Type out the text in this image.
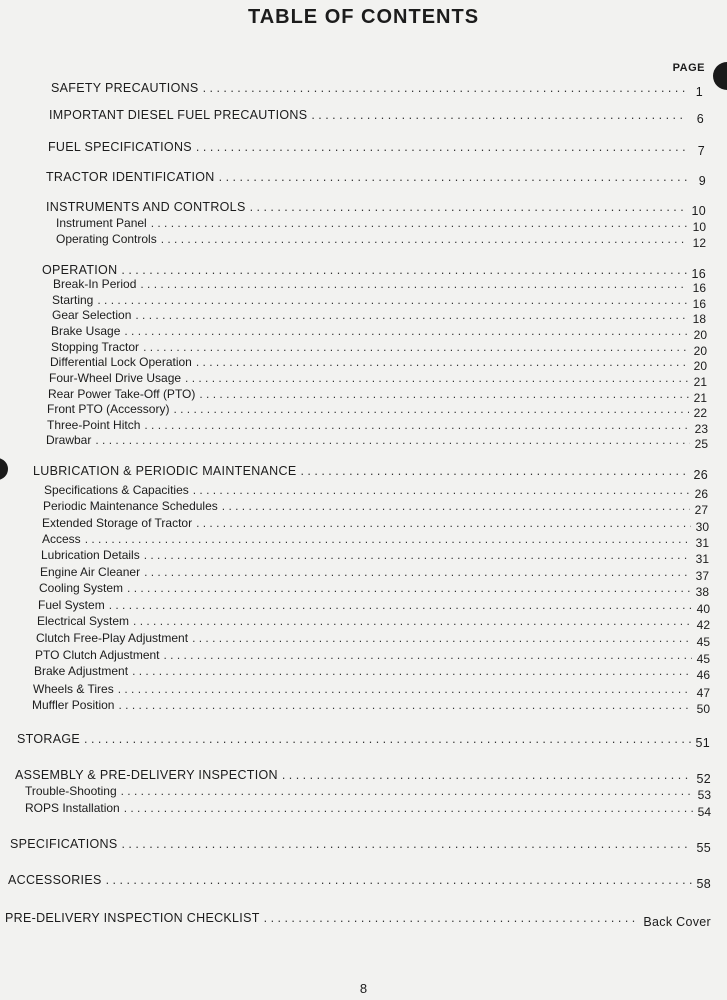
TABLE OF CONTENTS
PAGE
SAFETY PRECAUTIONS . . .	1
IMPORTANT DIESEL FUEL PRECAUTIONS . . .	6
FUEL SPECIFICATIONS . . .	7
TRACTOR IDENTIFICATION . . .	9
INSTRUMENTS AND CONTROLS . . .	10
Instrument Panel . . .	10
Operating Controls . . .	12
OPERATION . . .	16
Break-In Period . . .	16
Starting . . .	16
Gear Selection . . .	18
Brake Usage . . .	20
Stopping Tractor . . .	20
Differential Lock Operation . . .	20
Four-Wheel Drive Usage . . .	21
Rear Power Take-Off (PTO) . . .	21
Front PTO (Accessory) . . .	22
Three-Point Hitch . . .	23
Drawbar . . .	25
LUBRICATION & PERIODIC MAINTENANCE . . .	26
Specifications & Capacities . . .	26
Periodic Maintenance Schedules . . .	27
Extended Storage of Tractor . . .	30
Access . . .	31
Lubrication Details . . .	31
Engine Air Cleaner . . .	37
Cooling System . . .	38
Fuel System . . .	40
Electrical System . . .	42
Clutch Free-Play Adjustment . . .	45
PTO Clutch Adjustment . . .	45
Brake Adjustment . . .	46
Wheels & Tires . . .	47
Muffler Position . . .	50
STORAGE . . .	51
ASSEMBLY & PRE-DELIVERY INSPECTION . . .	52
Trouble-Shooting . . .	53
ROPS Installation . . .	54
SPECIFICATIONS . . .	55
ACCESSORIES . . .	58
PRE-DELIVERY INSPECTION CHECKLIST . . .	Back Cover
8
